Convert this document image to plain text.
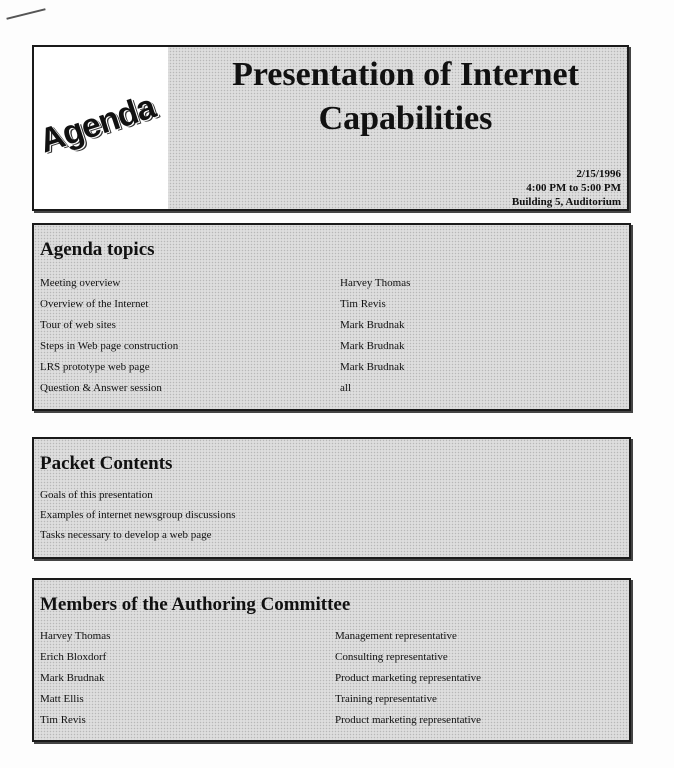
Agenda
Presentation of Internet
Capabilities
2/15/1996
4:00 PM to 5:00 PM
Building 5, Auditorium
Agenda topics
Meeting overview	Harvey Thomas
Overview of the Internet	Tim Revis
Tour of web sites	Mark Brudnak
Steps in Web page construction	Mark Brudnak
LRS prototype web page	Mark Brudnak
Question & Answer session	all
Packet Contents
Goals of this presentation
Examples of internet newsgroup discussions
Tasks necessary to develop a web page
Members of the Authoring Committee
Harvey Thomas	Management representative
Erich Bloxdorf	Consulting representative
Mark Brudnak	Product marketing representative
Matt Ellis	Training representative
Tim Revis	Product marketing representative
